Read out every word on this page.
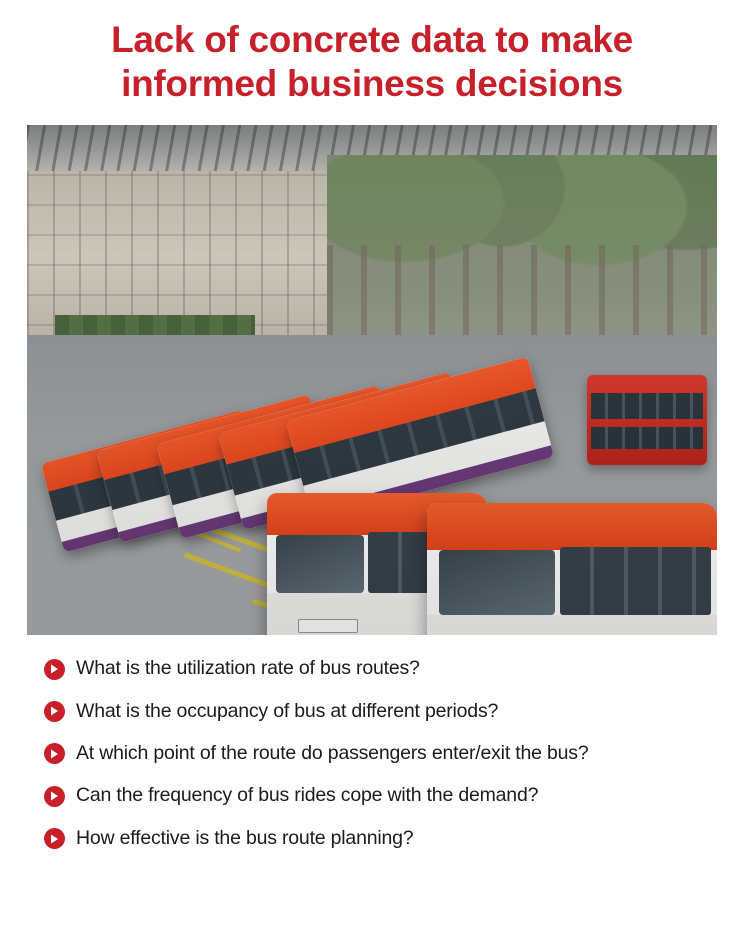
Lack of concrete data to make
informed business decisions
What is the utilization rate of bus routes?
What is the occupancy of bus at different periods?
At which point of the route do passengers enter/exit the bus?
Can the frequency of bus rides cope with the demand?
How effective is the bus route planning?
